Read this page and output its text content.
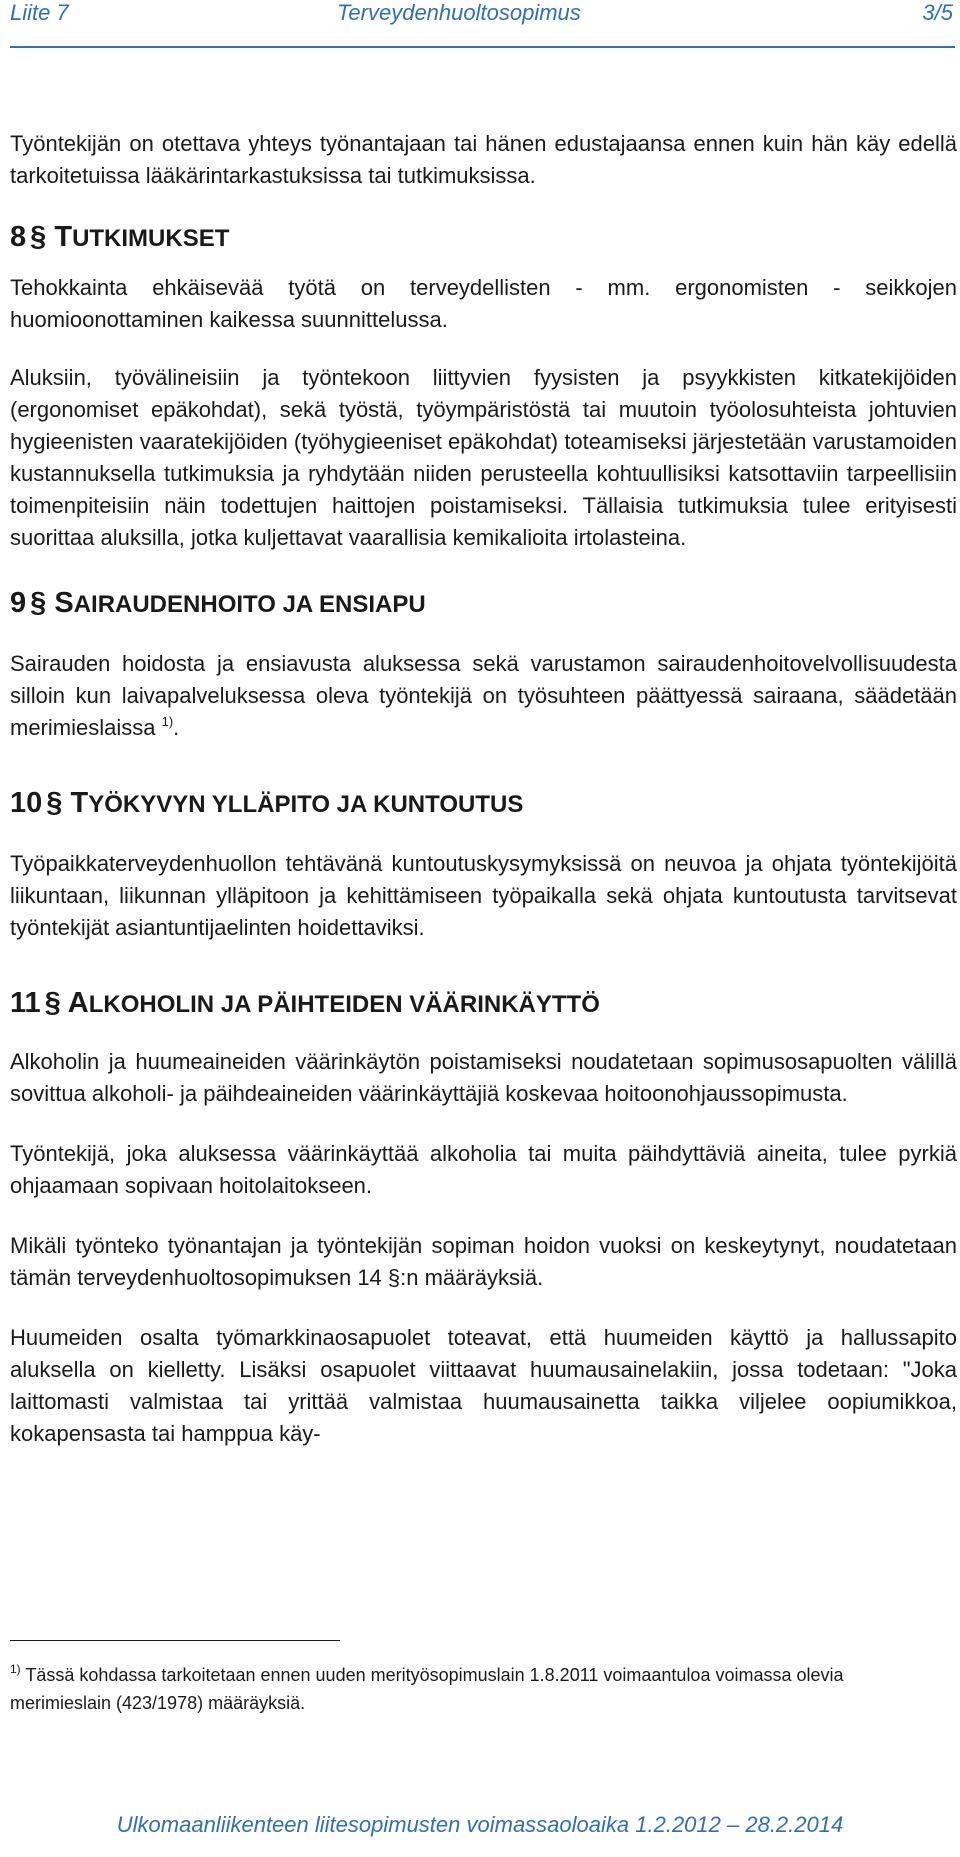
Liite 7	Terveydenhuoltosopimus	3/5

Työntekijän on otettava yhteys työnantajaan tai hänen edustajaansa ennen kuin hän käy edellä tarkoitetuissa lääkärintarkastuksissa tai tutkimuksissa.

8 § TUTKIMUKSET

Tehokkainta ehkäisevää työtä on terveydellisten - mm. ergonomisten - seikkojen huomioonottaminen kaikessa suunnittelussa.

Aluksiin, työvälineisiin ja työntekoon liittyvien fyysisten ja psyykkisten kitkatekijöiden (ergonomiset epäkohdat), sekä työstä, työympäristöstä tai muutoin työolosuhteista johtuvien hygieenisten vaaratekijöiden (työhygieeniset epäkohdat) toteamiseksi järjestetään varustamoiden kustannuksella tutkimuksia ja ryhdytään niiden perusteella kohtuullisiksi katsottaviin tarpeellisiin toimenpiteisiin näin todettujen haittojen poistamiseksi. Tällaisia tutkimuksia tulee erityisesti suorittaa aluksilla, jotka kuljettavat vaarallisia kemikalioita irtolasteina.

9 § SAIRAUDENHOITO JA ENSIAPU

Sairauden hoidosta ja ensiavusta aluksessa sekä varustamon sairaudenhoitovelvollisuudesta silloin kun laivapalveluksessa oleva työntekijä on työsuhteen päättyessä sairaana, säädetään merimieslaissa $^{1)}$.

10 § TYÖKYVYN YLLÄPITO JA KUNTOUTUS

Työpaikkaterveydenhuollon tehtävänä kuntoutuskysymyksissä on neuvoa ja ohjata työntekijöitä liikuntaan, liikunnan ylläpitoon ja kehittämiseen työpaikalla sekä ohjata kuntoutusta tarvitsevat työntekijät asiantuntijaelinten hoidettaviksi.

11 § ALKOHOLIN JA PÄIHTEIDEN VÄÄRINKÄYTTÖ

Alkoholin ja huumeaineiden väärinkäytön poistamiseksi noudatetaan sopimusosapuolten välillä sovittua alkoholi- ja päihdeaineiden väärinkäyttäjiä koskevaa hoitoonohjaussopimusta.

Työntekijä, joka aluksessa väärinkäyttää alkoholia tai muita päihdyttäviä aineita, tulee pyrkiä ohjaamaan sopivaan hoitolaitokseen.

Mikäli työnteko työnantajan ja työntekijän sopiman hoidon vuoksi on keskeytynyt, noudatetaan tämän terveydenhuoltosopimuksen 14 §:n määräyksiä.

Huumeiden osalta työmarkkinaosapuolet toteavat, että huumeiden käyttö ja hallussapito aluksella on kielletty. Lisäksi osapuolet viittaavat huumausainelakiin, jossa todetaan: "Joka laittomasti valmistaa tai yrittää valmistaa huumausainetta taikka viljelee oopiumikkoa, kokapensasta tai hamppua käy-

$^{1)}$ Tässä kohdassa tarkoitetaan ennen uuden merityösopimuslain 1.8.2011 voimaantuloa voimassa olevia merimieslain (423/1978) määräyksiä.
Ulkomaanliikenteen liitesopimusten voimassaoloaika 1.2.2012 – 28.2.2014
